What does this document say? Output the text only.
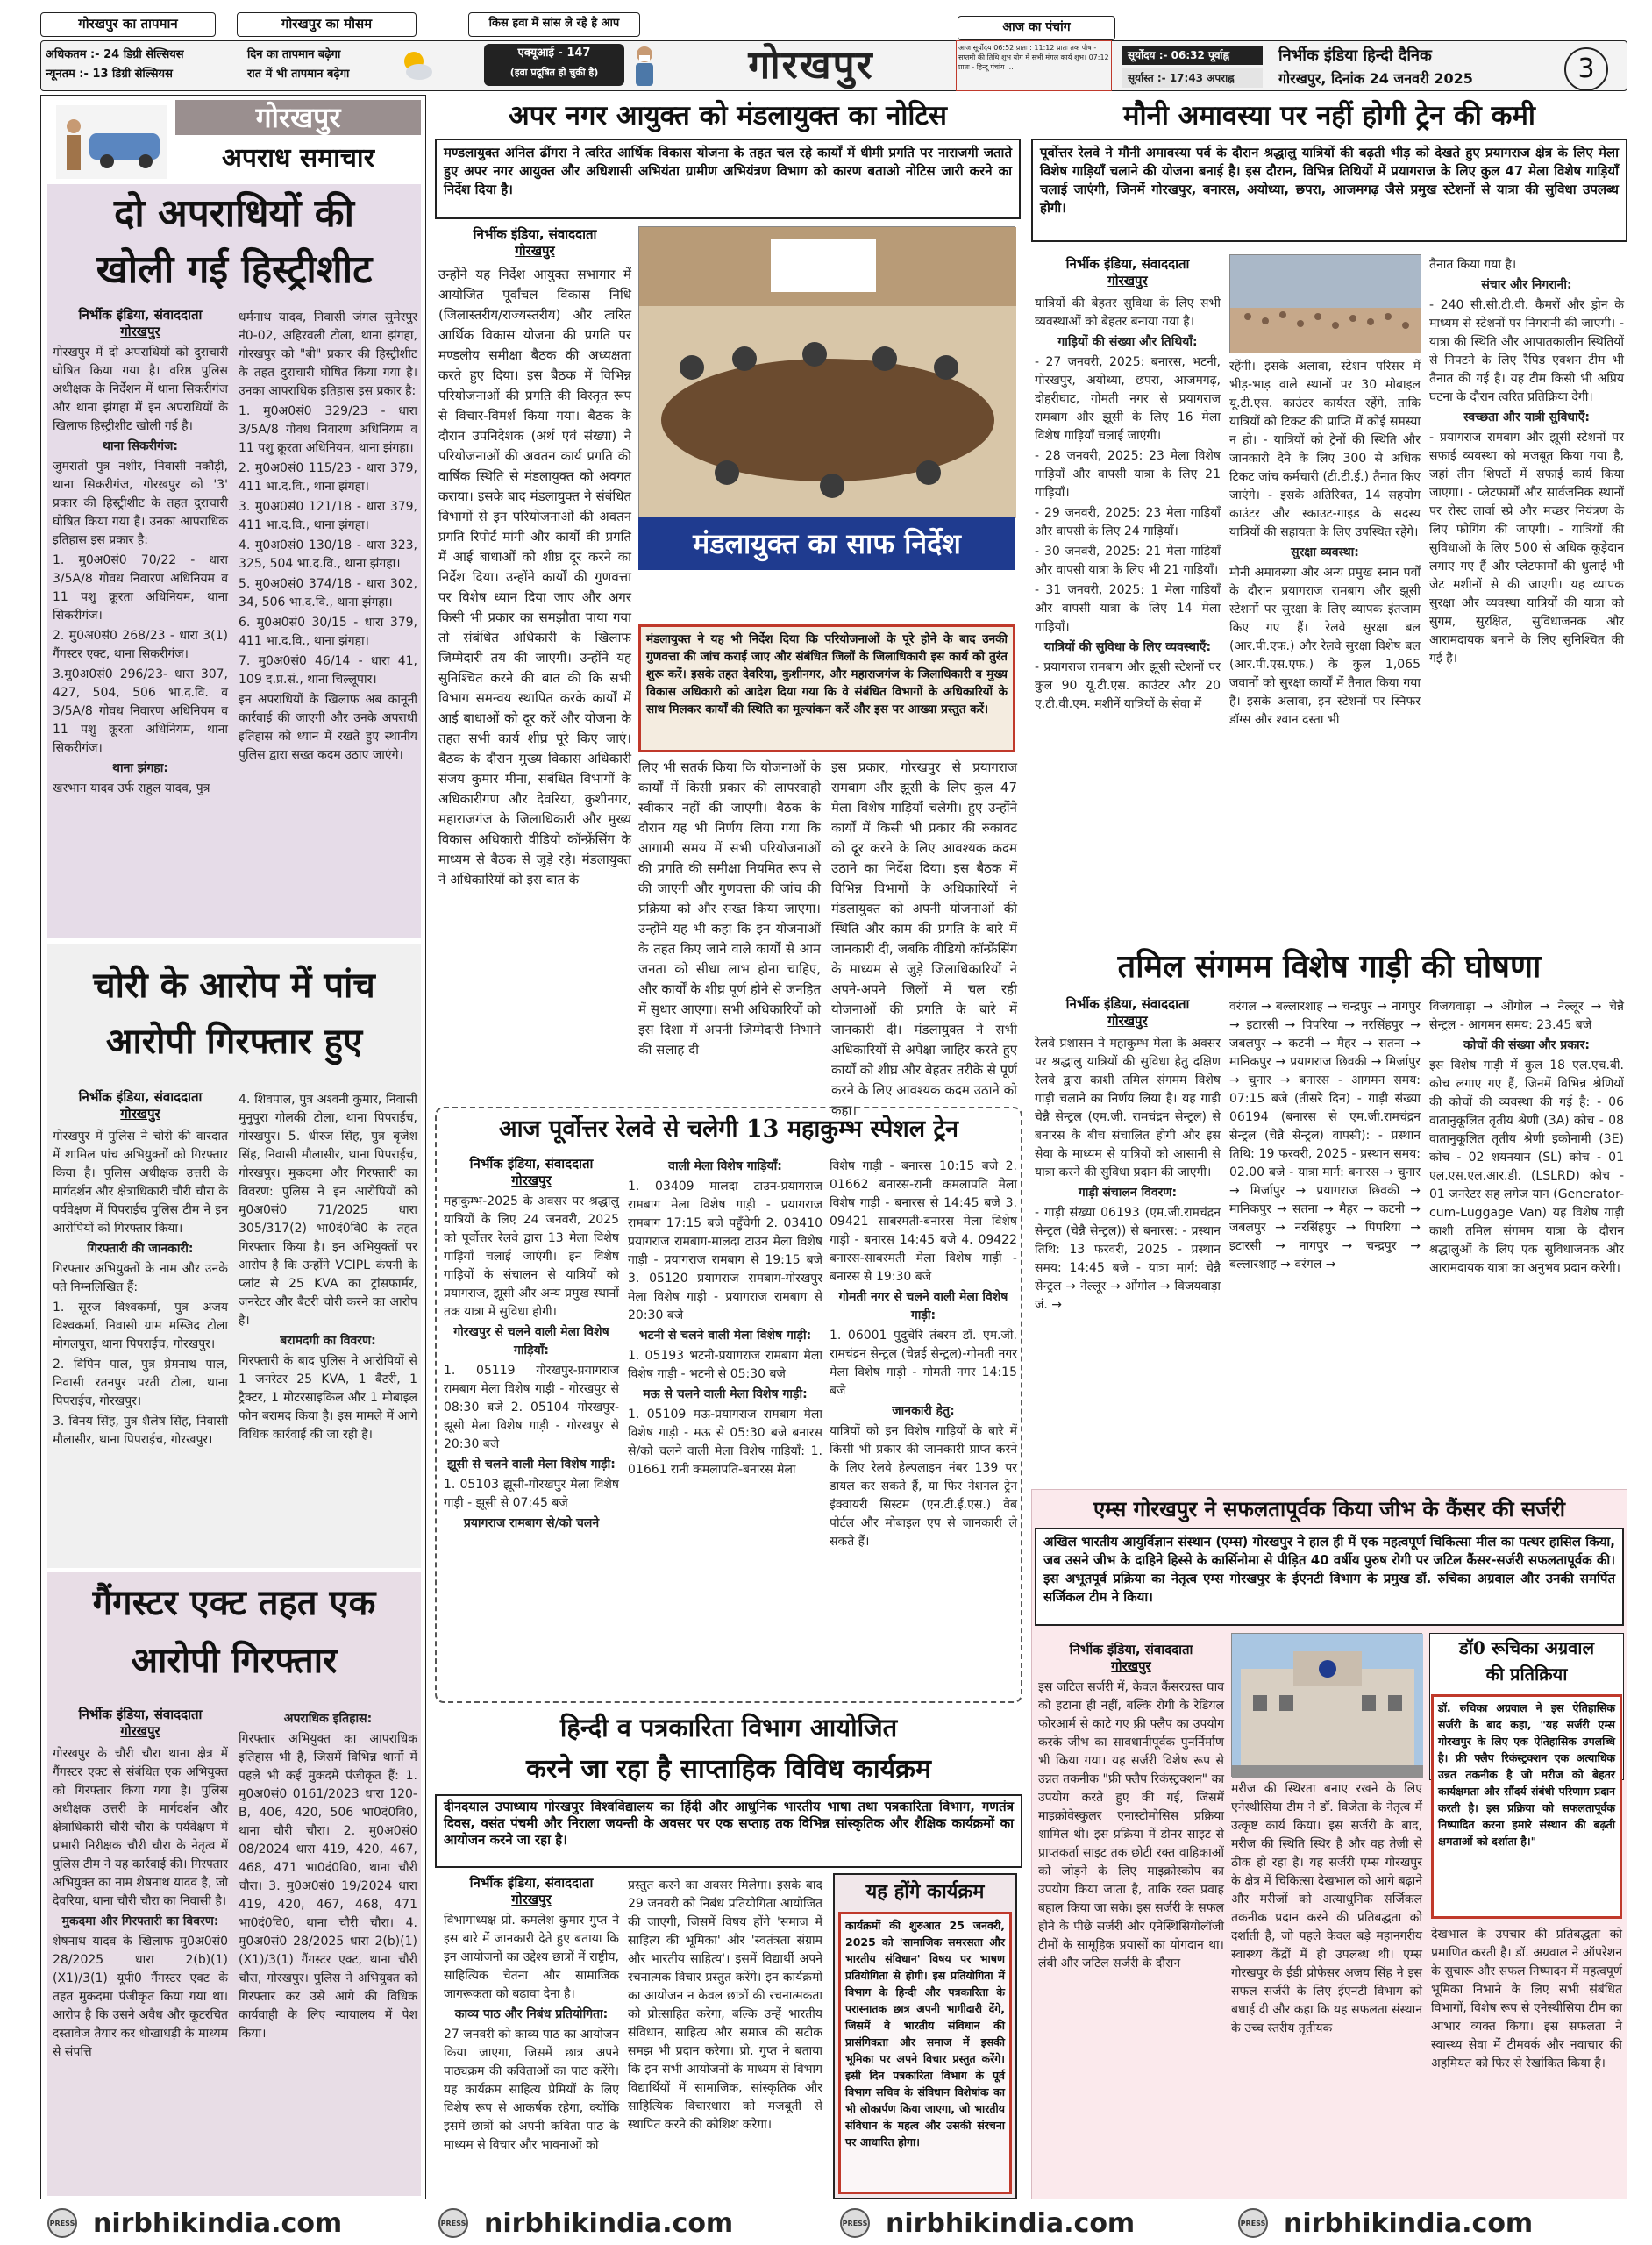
गोरखपुर का तापमान	गोरखपुर का मौसम	किस हवा में सांस ले रहे है आप	आज का पंचांग
अधिकतम :- 24 डिग्री सेल्सियस
न्यूनतम :- 13 डिग्री सेल्सियस
दिन का तापमान बढ़ेगा
रात में भी तापमान बढ़ेगा
एक्यूआई - 147
(हवा प्रदूषित हो चुकी है)	गोरखपुर	आज सूर्योदय 06:52 प्रातः : 11:12 प्रातः तक पौष - सप्तमी की तिथि शुभ योग में सभी मंगल कार्य शुभ। 07:12 प्रातः - हिन्दू पंचांग ...
सूर्योदय :- 06:32 पूर्वाह्न
सूर्यास्त :- 17:43 अपराह्न
निर्भीक इंडिया हिन्दी दैनिक
गोरखपुर, दिनांक 24 जनवरी 2025	3
गोरखपुर
अपराध समाचार
दो अपराधियों की
खोली गई हिस्ट्रीशीट
निर्भीक इंडिया, संवाददाता
गोरखपुर

गोरखपुर में दो अपराधियों को दुराचारी घोषित किया गया है। वरिष्ठ पुलिस अधीक्षक के निर्देशन में थाना सिकरीगंज और थाना झंगहा में इन अपराधियों के खिलाफ हिस्ट्रीशीट खोली गई है।

थाना सिकरीगंज:

जुमराती पुत्र नशीर, निवासी नकौड़ी, थाना सिकरीगंज, गोरखपुर को '3' प्रकार की हिस्ट्रीशीट के तहत दुराचारी घोषित किया गया है। उनका आपराधिक इतिहास इस प्रकार है:

1. मु0अ0सं0 70/22 - धारा 3/5A/8 गोवध निवारण अधिनियम व 11 पशु क्रूरता अधिनियम, थाना सिकरीगंज।

2. मु0अ0सं0 268/23 - धारा 3(1) गैंगस्टर एक्ट, थाना सिकरीगंज।

3.मु0अ0सं0 296/23- धारा 307, 427, 504, 506 भा.द.वि. व 3/5A/8 गोवध निवारण अधिनियम व 11 पशु क्रूरता अधिनियम, थाना सिकरीगंज।

थाना झंगहा:

खरभान यादव उर्फ राहुल यादव, पुत्र

धर्मनाथ यादव, निवासी जंगल सुमेरपुर नं0-02, अहिरवली टोला, थाना झंगहा, गोरखपुर को "बी" प्रकार की हिस्ट्रीशीट के तहत दुराचारी घोषित किया गया है। उनका आपराधिक इतिहास इस प्रकार है:

1. मु0अ0सं0 329/23 - धारा 3/5A/8 गोवध निवारण अधिनियम व 11 पशु क्रूरता अधिनियम, थाना झंगहा।

2. मु0अ0सं0 115/23 - धारा 379, 411 भा.द.वि., थाना झंगहा।

3. मु0अ0सं0 121/18 - धारा 379, 411 भा.द.वि., थाना झंगहा।

4. मु0अ0सं0 130/18 - धारा 323, 325, 504 भा.द.वि., थाना झंगहा।

5. मु0अ0सं0 374/18 - धारा 302, 34, 506 भा.द.वि., थाना झंगहा।

6. मु0अ0सं0 30/15 - धारा 379, 411 भा.द.वि., थाना झंगहा।

7. मु0अ0सं0 46/14 - धारा 41, 109 द.प्र.सं., थाना चिल्लूपार।

इन अपराधियों के खिलाफ अब कानूनी कार्रवाई की जाएगी और उनके अपराधी इतिहास को ध्यान में रखते हुए स्थानीय पुलिस द्वारा सख्त कदम उठाए जाएंगे।

चोरी के आरोप में पांच
आरोपी गिरफ्तार हुए
निर्भीक इंडिया, संवाददाता
गोरखपुर

गोरखपुर में पुलिस ने चोरी की वारदात में शामिल पांच अभियुक्तों को गिरफ्तार किया है। पुलिस अधीक्षक उत्तरी के मार्गदर्शन और क्षेत्राधिकारी चौरी चौरा के पर्यवेक्षण में पिपराईच पुलिस टीम ने इन आरोपियों को गिरफ्तार किया।

गिरफ्तारी की जानकारी:

गिरफ्तार अभियुक्तों के नाम और उनके पते निम्नलिखित हैं:

1. सूरज विश्वकर्मा, पुत्र अजय विश्वकर्मा, निवासी ग्राम मस्जिद टोला मोगलपुरा, थाना पिपराईच, गोरखपुर।

2. विपिन पाल, पुत्र प्रेमनाथ पाल, निवासी रतनपुर परती टोला, थाना पिपराईच, गोरखपुर।

3. विनय सिंह, पुत्र शैलेष सिंह, निवासी मौलासीर, थाना पिपराईच, गोरखपुर।

4. शिवपाल, पुत्र अश्वनी कुमार, निवासी मुनुपुरा गोलकी टोला, थाना पिपराईच, गोरखपुर। 5. धीरज सिंह, पुत्र बृजेश सिंह, निवासी मौलासीर, थाना पिपराईच, गोरखपुर। मुकदमा और गिरफ्तारी का विवरण: पुलिस ने इन आरोपियों को मु0अ0सं0 71/2025 धारा 305/317(2) भा0दं0वि0 के तहत गिरफ्तार किया है। इन अभियुक्तों पर आरोप है कि उन्होंने VCIPL कंपनी के प्लांट से 25 KVA का ट्रांसफार्मर, जनरेटर और बैटरी चोरी करने का आरोप है।

बरामदगी का विवरण:

गिरफ्तारी के बाद पुलिस ने आरोपियों से 1 जनरेटर 25 KVA, 1 बैटरी, 1 ट्रैक्टर, 1 मोटरसाइकिल और 1 मोबाइल फोन बरामद किया है। इस मामले में आगे विधिक कार्रवाई की जा रही है।

गैंगस्टर एक्ट तहत एक
आरोपी गिरफ्तार
निर्भीक इंडिया, संवाददाता
गोरखपुर

गोरखपुर के चौरी चौरा थाना क्षेत्र में गैंगस्टर एक्ट से संबंधित एक अभियुक्त को गिरफ्तार किया गया है। पुलिस अधीक्षक उत्तरी के मार्गदर्शन और क्षेत्राधिकारी चौरी चौरा के पर्यवेक्षण में प्रभारी निरीक्षक चौरी चौरा के नेतृत्व में पुलिस टीम ने यह कार्रवाई की। गिरफ्तार अभियुक्त का नाम शेषनाथ यादव है, जो देवरिया, थाना चौरी चौरा का निवासी है।

मुकदमा और गिरफ्तारी का विवरण:

शेषनाथ यादव के खिलाफ मु0अ0सं0 28/2025 धारा 2(b)(1)(X1)/3(1) यूपी0 गैंगस्टर एक्ट के तहत मुकदमा पंजीकृत किया गया था। आरोप है कि उसने अवैध और कूटरचित दस्तावेज तैयार कर धोखाधड़ी के माध्यम से संपत्ति

अपराधिक इतिहास:

गिरफ्तार अभियुक्त का आपराधिक इतिहास भी है, जिसमें विभिन्न थानों में पहले भी कई मुकदमे पंजीकृत हैं: 1. मु0अ0सं0 0161/2023 धारा 120-B, 406, 420, 506 भा0दं0वि0, थाना चौरी चौरा। 2. मु0अ0सं0 08/2024 धारा 419, 420, 467, 468, 471 भा0दं0वि0, थाना चौरी चौरा। 3. मु0अ0सं0 19/2024 धारा 419, 420, 467, 468, 471 भा0दं0वि0, थाना चौरी चौरा। 4. मु0अ0सं0 28/2025 धारा 2(b)(1)(X1)/3(1) गैंगस्टर एक्ट, थाना चौरी चौरा, गोरखपुर। पुलिस ने अभियुक्त को गिरफ्तार कर उसे आगे की विधिक कार्यवाही के लिए न्यायालय में पेश किया।

अपर नगर आयुक्त को मंडलायुक्त का नोटिस
मण्डलायुक्त अनिल ढींगरा ने त्वरित आर्थिक विकास योजना के तहत चल रहे कार्यों में धीमी प्रगति पर नाराजगी जताते हुए अपर नगर आयुक्त और अधिशासी अभियंता ग्रामीण अभियंत्रण विभाग को कारण बताओ नोटिस जारी करने का निर्देश दिया है।
निर्भीक इंडिया, संवाददाता
गोरखपुर
उन्होंने यह निर्देश आयुक्त सभागार में आयोजित पूर्वांचल विकास निधि (जिलास्तरीय/राज्यस्तरीय) और त्वरित आर्थिक विकास योजना की प्रगति पर मण्डलीय समीक्षा बैठक की अध्यक्षता करते हुए दिया। इस बैठक में विभिन्न परियोजनाओं की प्रगति की विस्तृत रूप से विचार-विमर्श किया गया। बैठक के दौरान उपनिदेशक (अर्थ एवं संख्या) ने परियोजनाओं की अवतन कार्य प्रगति की वार्षिक स्थिति से मंडलायुक्त को अवगत कराया। इसके बाद मंडलायुक्त ने संबंधित विभागों से इन परियोजनाओं की अवतन प्रगति रिपोर्ट मांगी और कार्यों की प्रगति में आई बाधाओं को शीघ्र दूर करने का निर्देश दिया। उन्होंने कार्यों की गुणवत्ता पर विशेष ध्यान दिया जाए और अगर किसी भी प्रकार का समझौता पाया गया तो संबंधित अधिकारी के खिलाफ जिम्मेदारी तय की जाएगी। उन्होंने यह सुनिश्चित करने की बात की कि सभी विभाग समन्वय स्थापित करके कार्यों में आई बाधाओं को दूर करें और योजना के तहत सभी कार्य शीघ्र पूरे किए जाएं। बैठक के दौरान मुख्य विकास अधिकारी संजय कुमार मीना, संबंधित विभागों के अधिकारीगण और देवरिया, कुशीनगर, महाराजगंज के जिलाधिकारी और मुख्य विकास अधिकारी वीडियो कॉन्फ्रेंसिंग के माध्यम से बैठक से जुड़े रहे। मंडलायुक्त ने अधिकारियों को इस बात के
मंडलायुक्त का साफ निर्देश
मंडलायुक्त ने यह भी निर्देश दिया कि परियोजनाओं के पूरे होने के बाद उनकी गुणवत्ता की जांच कराई जाए और संबंधित जिलों के जिलाधिकारी इस कार्य को तुरंत शुरू करें। इसके तहत देवरिया, कुशीनगर, और महाराजगंज के जिलाधिकारी व मुख्य विकास अधिकारी को आदेश दिया गया कि वे संबंधित विभागों के अधिकारियों के साथ मिलकर कार्यों की स्थिति का मूल्यांकन करें और इस पर आख्या प्रस्तुत करें।
लिए भी सतर्क किया कि योजनाओं के कार्यों में किसी प्रकार की लापरवाही स्वीकार नहीं की जाएगी। बैठक के दौरान यह भी निर्णय लिया गया कि आगामी समय में सभी परियोजनाओं की प्रगति की समीक्षा नियमित रूप से की जाएगी और गुणवत्ता की जांच की प्रक्रिया को और सख्त किया जाएगा। उन्होंने यह भी कहा कि इन योजनाओं के तहत किए जाने वाले कार्यों से आम जनता को सीधा लाभ होना चाहिए, और कार्यों के शीघ्र पूर्ण होने से जनहित में सुधार आएगा। सभी अधिकारियों को इस दिशा में अपनी जिम्मेदारी निभाने की सलाह दी
इस प्रकार, गोरखपुर से प्रयागराज रामबाग और झूसी के लिए कुल 47 मेला विशेष गाड़ियाँ चलेगी। हुए उन्होंने कार्यों में किसी भी प्रकार की रुकावट को दूर करने के लिए आवश्यक कदम उठाने का निर्देश दिया। इस बैठक में विभिन्न विभागों के अधिकारियों ने मंडलायुक्त को अपनी योजनाओं की स्थिति और काम की प्रगति के बारे में जानकारी दी, जबकि वीडियो कॉन्फ्रेंसिंग के माध्यम से जुड़े जिलाधिकारियों ने अपने-अपने जिलों में चल रही योजनाओं की प्रगति के बारे में जानकारी दी। मंडलायुक्त ने सभी अधिकारियों से अपेक्षा जाहिर करते हुए कार्यों को शीघ्र और बेहतर तरीके से पूर्ण करने के लिए आवश्यक कदम उठाने को कहा।
आज पूर्वोत्तर रेलवे से चलेगी 13 महाकुम्भ स्पेशल ट्रेन
निर्भीक इंडिया, संवाददाता
गोरखपुर

महाकुम्भ-2025 के अवसर पर श्रद्धालु यात्रियों के लिए 24 जनवरी, 2025 को पूर्वोत्तर रेलवे द्वारा 13 मेला विशेष गाड़ियाँ चलाई जाएंगी। इन विशेष गाड़ियों के संचालन से यात्रियों को प्रयागराज, झूसी और अन्य प्रमुख स्थानों तक यात्रा में सुविधा होगी।

गोरखपुर से चलने वाली मेला विशेष गाड़ियाँ:

1. 05119 गोरखपुर-प्रयागराज रामबाग मेला विशेष गाड़ी - गोरखपुर से 08:30 बजे 2. 05104 गोरखपुर-झूसी मेला विशेष गाड़ी - गोरखपुर से 20:30 बजे

झूसी से चलने वाली मेला विशेष गाड़ी:

1. 05103 झूसी-गोरखपुर मेला विशेष गाड़ी - झूसी से 07:45 बजे

प्रयागराज रामबाग से/को चलने

वाली मेला विशेष गाड़ियाँ:

1. 03409 मालदा टाउन-प्रयागराज रामबाग मेला विशेष गाड़ी - प्रयागराज रामबाग 17:15 बजे पहुँचेगी 2. 03410 प्रयागराज रामबाग-मालदा टाउन मेला विशेष गाड़ी - प्रयागराज रामबाग से 19:15 बजे 3. 05120 प्रयागराज रामबाग-गोरखपुर मेला विशेष गाड़ी - प्रयागराज रामबाग से 20:30 बजे

भटनी से चलने वाली मेला विशेष गाड़ी:

1. 05193 भटनी-प्रयागराज रामबाग मेला विशेष गाड़ी - भटनी से 05:30 बजे

मऊ से चलने वाली मेला विशेष गाड़ी:

1. 05109 मऊ-प्रयागराज रामबाग मेला विशेष गाड़ी - मऊ से 05:30 बजे बनारस से/को चलने वाली मेला विशेष गाड़ियाँ: 1. 01661 रानी कमलापति-बनारस मेला

विशेष गाड़ी - बनारस 10:15 बजे 2. 01662 बनारस-रानी कमलापति मेला विशेष गाड़ी - बनारस से 14:45 बजे 3. 09421 साबरमती-बनारस मेला विशेष गाड़ी - बनारस 14:45 बजे 4. 09422 बनारस-साबरमती मेला विशेष गाड़ी - बनारस से 19:30 बजे

गोमती नगर से चलने वाली मेला विशेष गाड़ी:

1. 06001 पुदुचेरि तंबरम डॉ. एम.जी. रामचंद्रन सेन्ट्रल (चेन्नई सेन्ट्रल)-गोमती नगर मेला विशेष गाड़ी - गोमती नगर 14:15 बजे

जानकारी हेतु:

यात्रियों को इन विशेष गाड़ियों के बारे में किसी भी प्रकार की जानकारी प्राप्त करने के लिए रेलवे हेल्पलाइन नंबर 139 पर डायल कर सकते हैं, या फिर नेशनल ट्रेन इंक्वायरी सिस्टम (एन.टी.ई.एस.) वेब पोर्टल और मोबाइल एप से जानकारी ले सकते हैं।

हिन्दी व पत्रकारिता विभाग आयोजित
करने जा रहा है साप्ताहिक विविध कार्यक्रम
दीनदयाल उपाध्याय गोरखपुर विश्वविद्यालय का हिंदी और आधुनिक भारतीय भाषा तथा पत्रकारिता विभाग, गणतंत्र दिवस, वसंत पंचमी और निराला जयन्ती के अवसर पर एक सप्ताह तक विभिन्न सांस्कृतिक और शैक्षिक कार्यक्रमों का आयोजन करने जा रहा है।
निर्भीक इंडिया, संवाददाता
गोरखपुर

विभागाध्यक्ष प्रो. कमलेश कुमार गुप्त ने इस बारे में जानकारी देते हुए बताया कि इन आयोजनों का उद्देश्य छात्रों में राष्ट्रीय, साहित्यिक चेतना और सामाजिक जागरूकता को बढ़ावा देना है।

काव्य पाठ और निबंध प्रतियोगिता:

27 जनवरी को काव्य पाठ का आयोजन किया जाएगा, जिसमें छात्र अपने पाठ्यक्रम की कविताओं का पाठ करेंगे। यह कार्यक्रम साहित्य प्रेमियों के लिए विशेष रूप से आकर्षक रहेगा, क्योंकि इसमें छात्रों को अपनी कविता पाठ के माध्यम से विचार और भावनाओं को

प्रस्तुत करने का अवसर मिलेगा। इसके बाद 29 जनवरी को निबंध प्रतियोगिता आयोजित की जाएगी, जिसमें विषय होंगे 'समाज में साहित्य की भूमिका' और 'स्वतंत्रता संग्राम और भारतीय साहित्य'। इसमें विद्यार्थी अपने रचनात्मक विचार प्रस्तुत करेंगे। इन कार्यक्रमों का आयोजन न केवल छात्रों की रचनात्मकता को प्रोत्साहित करेगा, बल्कि उन्हें भारतीय संविधान, साहित्य और समाज की सटीक समझ भी प्रदान करेगा। प्रो. गुप्त ने बताया कि इन सभी आयोजनों के माध्यम से विभाग विद्यार्थियों में सामाजिक, सांस्कृतिक और साहित्यिक विचारधारा को मजबूती से स्थापित करने की कोशिश करेगा।
यह होंगे कार्यक्रम
कार्यक्रमों की शुरुआत 25 जनवरी, 2025 को 'सामाजिक समरसता और भारतीय संविधान' विषय पर भाषण प्रतियोगिता से होगी। इस प्रतियोगिता में विभाग के हिन्दी और पत्रकारिता के परास्नातक छात्र अपनी भागीदारी देंगे, जिसमें वे भारतीय संविधान की प्रासंगिकता और समाज में इसकी भूमिका पर अपने विचार प्रस्तुत करेंगे। इसी दिन पत्रकारिता विभाग के पूर्व विभाग सचिव के संविधान विशेषांक का भी लोकार्पण किया जाएगा, जो भारतीय संविधान के महत्व और उसकी संरचना पर आधारित होगा।
मौनी अमावस्या पर नहीं होगी ट्रेन की कमी
पूर्वोत्तर रेलवे ने मौनी अमावस्या पर्व के दौरान श्रद्धालु यात्रियों की बढ़ती भीड़ को देखते हुए प्रयागराज क्षेत्र के लिए मेला विशेष गाड़ियाँ चलाने की योजना बनाई है। इस दौरान, विभिन्न तिथियों में प्रयागराज के लिए कुल 47 मेला विशेष गाड़ियाँ चलाई जाएंगी, जिनमें गोरखपुर, बनारस, अयोध्या, छपरा, आजमगढ़ जैसे प्रमुख स्टेशनों से यात्रा की सुविधा उपलब्ध होगी।
निर्भीक इंडिया, संवाददाता
गोरखपुर

यात्रियों की बेहतर सुविधा के लिए सभी व्यवस्थाओं को बेहतर बनाया गया है।

गाड़ियों की संख्या और तिथियाँ:

- 27 जनवरी, 2025: बनारस, भटनी, गोरखपुर, अयोध्या, छपरा, आजमगढ़, दोहरीघाट, गोमती नगर से प्रयागराज रामबाग और झूसी के लिए 16 मेला विशेष गाड़ियाँ चलाई जाएंगी।

- 28 जनवरी, 2025: 23 मेला विशेष गाड़ियाँ और वापसी यात्रा के लिए 21 गाड़ियाँ।

- 29 जनवरी, 2025: 23 मेला गाड़ियाँ और वापसी के लिए 24 गाड़ियाँ।

- 30 जनवरी, 2025: 21 मेला गाड़ियाँ और वापसी यात्रा के लिए भी 21 गाड़ियाँ।

- 31 जनवरी, 2025: 1 मेला गाड़ियाँ और वापसी यात्रा के लिए 14 मेला गाड़ियाँ।

यात्रियों की सुविधा के लिए व्यवस्थाएँ:

- प्रयागराज रामबाग और झूसी स्टेशनों पर कुल 90 यू.टी.एस. काउंटर और 20 ए.टी.वी.एम. मशीनें यात्रियों के सेवा में

रहेंगी। इसके अलावा, स्टेशन परिसर में भीड़-भाड़ वाले स्थानों पर 30 मोबाइल यू.टी.एस. काउंटर कार्यरत रहेंगे, ताकि यात्रियों को टिकट की प्राप्ति में कोई समस्या न हो। - यात्रियों को ट्रेनों की स्थिति और जानकारी देने के लिए 300 से अधिक टिकट जांच कर्मचारी (टी.टी.ई.) तैनात किए जाएंगे। - इसके अतिरिक्त, 14 सहयोग काउंटर और स्काउट-गाइड के सदस्य यात्रियों की सहायता के लिए उपस्थित रहेंगे।

सुरक्षा व्यवस्था:

मौनी अमावस्या और अन्य प्रमुख स्नान पर्वों के दौरान प्रयागराज रामबाग और झूसी स्टेशनों पर सुरक्षा के लिए व्यापक इंतजाम किए गए हैं। रेलवे सुरक्षा बल (आर.पी.एफ.) और रेलवे सुरक्षा विशेष बल (आर.पी.एस.एफ.) के कुल 1,065 जवानों को सुरक्षा कार्यों में तैनात किया गया है। इसके अलावा, इन स्टेशनों पर स्निफर डॉग्स और श्वान दस्ता भी

तैनात किया गया है।

संचार और निगरानी:

- 240 सी.सी.टी.वी. कैमरों और ड्रोन के माध्यम से स्टेशनों पर निगरानी की जाएगी। - यात्रा की स्थिति और आपातकालीन स्थितियों से निपटने के लिए रैपिड एक्शन टीम भी तैनात की गई है। यह टीम किसी भी अप्रिय घटना के दौरान त्वरित प्रतिक्रिया देगी।

स्वच्छता और यात्री सुविधाएँ:

- प्रयागराज रामबाग और झूसी स्टेशनों पर सफाई व्यवस्था को मजबूत किया गया है, जहां तीन शिफ्टों में सफाई कार्य किया जाएगा। - प्लेटफार्मों और सार्वजनिक स्थानों पर रोस्ट लार्वा स्प्रे और मच्छर नियंत्रण के लिए फोगिंग की जाएगी। - यात्रियों की सुविधाओं के लिए 500 से अधिक कूड़ेदान लगाए गए हैं और प्लेटफार्मों की धुलाई भी जेट मशीनों से की जाएगी। यह व्यापक सुरक्षा और व्यवस्था यात्रियों की यात्रा को सुगम, सुरक्षित, सुविधाजनक और आरामदायक बनाने के लिए सुनिश्चित की गई है।

तमिल संगमम विशेष गाड़ी की घोषणा
निर्भीक इंडिया, संवाददाता
गोरखपुर

रेलवे प्रशासन ने महाकुम्भ मेला के अवसर पर श्रद्धालु यात्रियों की सुविधा हेतु दक्षिण रेलवे द्वारा काशी तमिल संगमम विशेष गाड़ी चलाने का निर्णय लिया है। यह गाड़ी चेन्नै सेन्ट्रल (एम.जी. रामचंद्रन सेन्ट्रल) से बनारस के बीच संचालित होगी और इस सेवा के माध्यम से यात्रियों को आसानी से यात्रा करने की सुविधा प्रदान की जाएगी।

गाड़ी संचालन विवरण:

- गाड़ी संख्या 06193 (एम.जी.रामचंद्रन सेन्ट्रल (चेन्नै सेन्ट्रल)) से बनारस: - प्रस्थान तिथि: 13 फरवरी, 2025 - प्रस्थान समय: 14:45 बजे - यात्रा मार्ग: चेन्नै सेन्ट्रल → नेल्लूर → ओंगोल → विजयवाड़ा जं. →

वरंगल → बल्लारशाह → चन्द्रपुर → नागपुर → इटारसी → पिपरिया → नरसिंहपुर → जबलपुर → कटनी → मैहर → सतना → मानिकपुर → प्रयागराज छिवकी → मिर्जापुर → चुनार → बनारस - आगमन समय: 07:15 बजे (तीसरे दिन) - गाड़ी संख्या 06194 (बनारस से एम.जी.रामचंद्रन सेन्ट्रल (चेन्नै सेन्ट्रल) वापसी): - प्रस्थान तिथि: 19 फरवरी, 2025 - प्रस्थान समय: 02.00 बजे - यात्रा मार्ग: बनारस → चुनार → मिर्जापुर → प्रयागराज छिवकी → मानिकपुर → सतना → मैहर → कटनी → जबलपुर → नरसिंहपुर → पिपरिया → इटारसी → नागपुर → चन्द्रपुर → बल्लारशाह → वरंगल →

विजयवाड़ा → ओंगोल → नेल्लूर → चेन्नै सेन्ट्रल - आगमन समय: 23.45 बजे

कोचों की संख्या और प्रकार:

इस विशेष गाड़ी में कुल 18 एल.एच.बी. कोच लगाए गए हैं, जिनमें विभिन्न श्रेणियों की कोचों की व्यवस्था की गई है: - 06 वातानुकूलित तृतीय श्रेणी (3A) कोच - 08 वातानुकूलित तृतीय श्रेणी इकोनामी (3E) कोच - 02 शयनयान (SL) कोच - 01 एल.एस.एल.आर.डी. (LSLRD) कोच - 01 जनरेटर सह लगेज यान (Generator-cum-Luggage Van) यह विशेष गाड़ी काशी तमिल संगमम यात्रा के दौरान श्रद्धालुओं के लिए एक सुविधाजनक और आरामदायक यात्रा का अनुभव प्रदान करेगी।

एम्स गोरखपुर ने सफलतापूर्वक किया जीभ के कैंसर की सर्जरी
अखिल भारतीय आयुर्विज्ञान संस्थान (एम्स) गोरखपुर ने हाल ही में एक महत्वपूर्ण चिकित्सा मील का पत्थर हासिल किया, जब उसने जीभ के दाहिने हिस्से के कार्सिनोमा से पीड़ित 40 वर्षीय पुरुष रोगी पर जटिल कैंसर-सर्जरी सफलतापूर्वक की। इस अभूतपूर्व प्रक्रिया का नेतृत्व एम्स गोरखपुर के ईएनटी विभाग के प्रमुख डॉ. रुचिका अग्रवाल और उनकी समर्पित सर्जिकल टीम ने किया।
निर्भीक इंडिया, संवाददाता
गोरखपुर
इस जटिल सर्जरी में, केवल कैंसरग्रस्त घाव को हटाना ही नहीं, बल्कि रोगी के रेडियल फोरआर्म से काटे गए फ्री फ्लैप का उपयोग करके जीभ का सावधानीपूर्वक पुनर्निर्माण भी किया गया। यह सर्जरी विशेष रूप से उन्नत तकनीक "फ्री फ्लैप रिकंस्ट्रक्शन" का उपयोग करते हुए की गई, जिसमें माइक्रोवेस्कुलर एनास्टोमोसिस प्रक्रिया शामिल थी। इस प्रक्रिया में डोनर साइट से प्राप्तकर्ता साइट तक छोटी रक्त वाहिकाओं को जोड़ने के लिए माइक्रोस्कोप का उपयोग किया जाता है, ताकि रक्त प्रवाह बहाल किया जा सके। इस सर्जरी के सफल होने के पीछे सर्जरी और एनेस्थिसियोलॉजी टीमों के सामूहिक प्रयासों का योगदान था। लंबी और जटिल सर्जरी के दौरान
मरीज की स्थिरता बनाए रखने के लिए एनेस्थीसिया टीम ने डॉ. विजेता के नेतृत्व में उत्कृष्ट कार्य किया। इस सर्जरी के बाद, मरीज की स्थिति स्थिर है और वह तेजी से ठीक हो रहा है। यह सर्जरी एम्स गोरखपुर के क्षेत्र में चिकित्सा देखभाल को आगे बढ़ाने और मरीजों को अत्याधुनिक सर्जिकल तकनीक प्रदान करने की प्रतिबद्धता को दर्शाती है, जो पहले केवल बड़े महानगरीय स्वास्थ्य केंद्रों में ही उपलब्ध थी। एम्स गोरखपुर के ईडी प्रोफेसर अजय सिंह ने इस सफल सर्जरी के लिए ईएनटी विभाग को बधाई दी और कहा कि यह सफलता संस्थान के उच्च स्तरीय तृतीयक
डॉ0 रूचिका अग्रवाल
की प्रतिक्रिया
डॉ. रुचिका अग्रवाल ने इस ऐतिहासिक सर्जरी के बाद कहा, "यह सर्जरी एम्स गोरखपुर के लिए एक ऐतिहासिक उपलब्धि है। फ्री फ्लैप रिकंस्ट्रक्शन एक अत्याधिक उन्नत तकनीक है जो मरीज को बेहतर कार्यक्षमता और सौंदर्य संबंधी परिणाम प्रदान करती है। इस प्रक्रिया को सफलतापूर्वक निष्पादित करना हमारे संस्थान की बढ़ती क्षमताओं को दर्शाता है।"
देखभाल के उपचार की प्रतिबद्धता को प्रमाणित करती है। डॉ. अग्रवाल ने ऑपरेशन के सुचारू और सफल निष्पादन में महत्वपूर्ण भूमिका निभाने के लिए सभी संबंधित विभागों, विशेष रूप से एनेस्थीसिया टीम का आभार व्यक्त किया। इस सफलता ने स्वास्थ्य सेवा में टीमवर्क और नवाचार की अहमियत को फिर से रेखांकित किया है।
PRESS nirbhikindia.com	PRESS nirbhikindia.com	PRESS nirbhikindia.com	PRESS nirbhikindia.com
